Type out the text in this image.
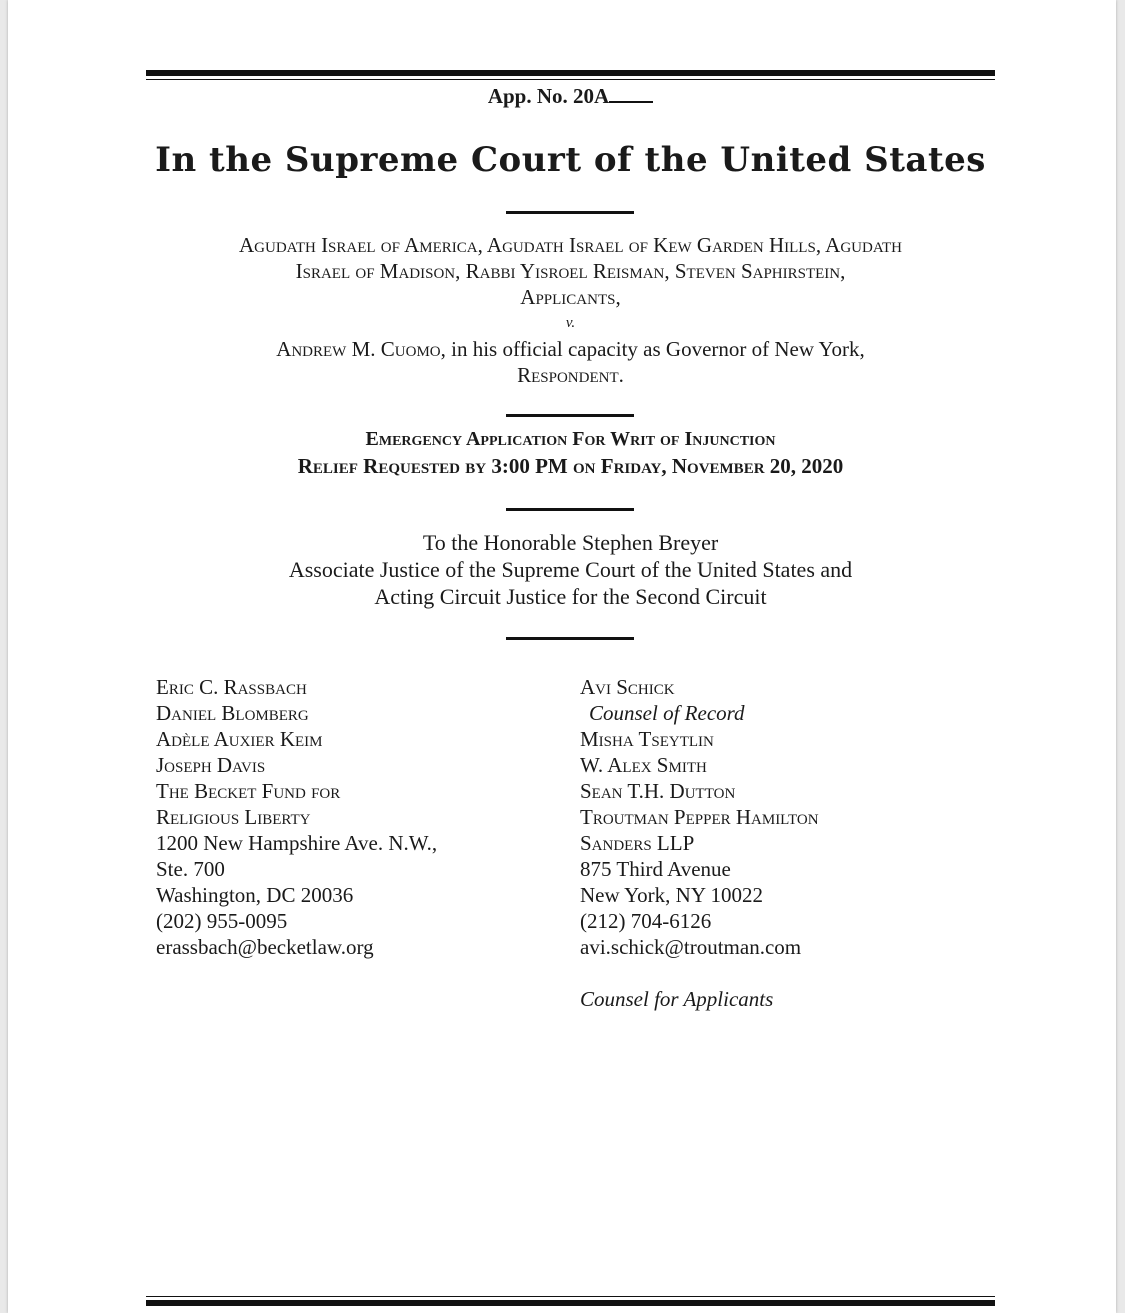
App. No. 20A
In the Supreme Court of the United States
Agudath Israel of America, Agudath Israel of Kew Garden Hills, Agudath
Israel of Madison, Rabbi Yisroel Reisman, Steven Saphirstein,
Applicants,
v.
Andrew M. Cuomo, in his official capacity as Governor of New York,
Respondent.
Emergency Application For Writ of Injunction
Relief Requested by 3:00 PM on Friday, November 20, 2020
To the Honorable Stephen Breyer
Associate Justice of the Supreme Court of the United States and
Acting Circuit Justice for the Second Circuit
Eric C. Rassbach
Daniel Blomberg
Adèle Auxier Keim
Joseph Davis
The Becket Fund for
Religious Liberty
1200 New Hampshire Ave. N.W.,
Ste. 700
Washington, DC 20036
(202) 955-0095
erassbach@becketlaw.org
Avi Schick
Counsel of Record
Misha Tseytlin
W. Alex Smith
Sean T.H. Dutton
Troutman Pepper Hamilton
Sanders LLP
875 Third Avenue
New York, NY 10022
(212) 704-6126
avi.schick@troutman.com
Counsel for Applicants
